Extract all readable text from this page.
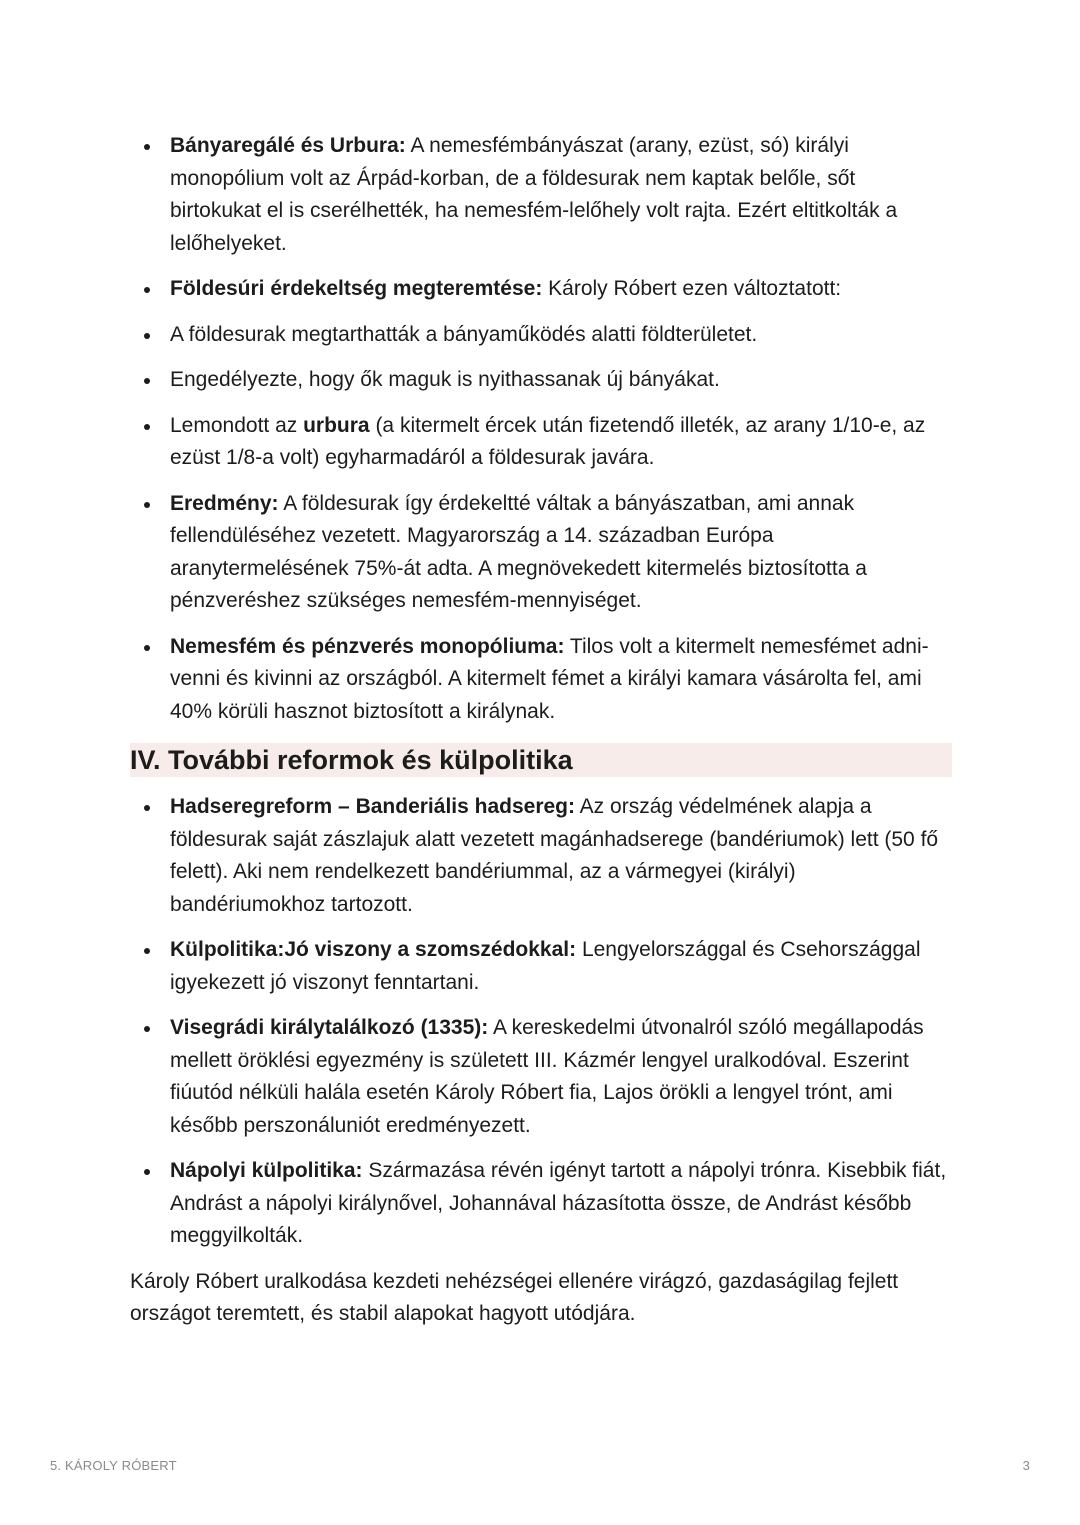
Bányaregálé és Urbura: A nemesfémbányászat (arany, ezüst, só) királyi monopólium volt az Árpád-korban, de a földesurak nem kaptak belőle, sőt birtokukat el is cserélhették, ha nemesfém-lelőhely volt rajta. Ezért eltitkolták a lelőhelyeket.
Földesúri érdekeltség megteremtése: Károly Róbert ezen változtatott:
A földesurak megtarthatták a bányaműködés alatti földterületet.
Engedélyezte, hogy ők maguk is nyithassanak új bányákat.
Lemondott az urbura (a kitermelt ércek után fizetendő illeték, az arany 1/10-e, az ezüst 1/8-a volt) egyharmadáról a földesurak javára.
Eredmény: A földesurak így érdekeltté váltak a bányászatban, ami annak fellendüléséhez vezetett. Magyarország a 14. században Európa aranytermelésének 75%-át adta. A megnövekedett kitermelés biztosította a pénzveréshez szükséges nemesfém-mennyiséget.
Nemesfém és pénzverés monopóliuma: Tilos volt a kitermelt nemesfémet adni-venni és kivinni az országból. A kitermelt fémet a királyi kamara vásárolta fel, ami 40% körüli hasznot biztosított a királynak.
IV. További reformok és külpolitika
Hadseregreform – Banderiális hadsereg: Az ország védelmének alapja a földesurak saját zászlajuk alatt vezetett magánhadserege (bandériumok) lett (50 fő felett). Aki nem rendelkezett bandériummal, az a vármegyei (királyi) bandériumokhoz tartozott.
Külpolitika:Jó viszony a szomszédokkal: Lengyelországgal és Csehországgal igyekezett jó viszonyt fenntartani.
Visegrádi királytalálkozó (1335): A kereskedelmi útvonalról szóló megállapodás mellett öröklési egyezmény is született III. Kázmér lengyel uralkodóval. Eszerint fiúutód nélküli halála esetén Károly Róbert fia, Lajos örökli a lengyel trónt, ami később perszonáluniót eredményezett.
Nápolyi külpolitika: Származása révén igényt tartott a nápolyi trónra. Kisebbik fiát, Andrást a nápolyi királynővel, Johannával házasította össze, de Andrást később meggyilkolták.

Károly Róbert uralkodása kezdeti nehézségei ellenére virágzó, gazdaságilag fejlett országot teremtett, és stabil alapokat hagyott utódjára.

5. KÁROLY RÓBERT	3
